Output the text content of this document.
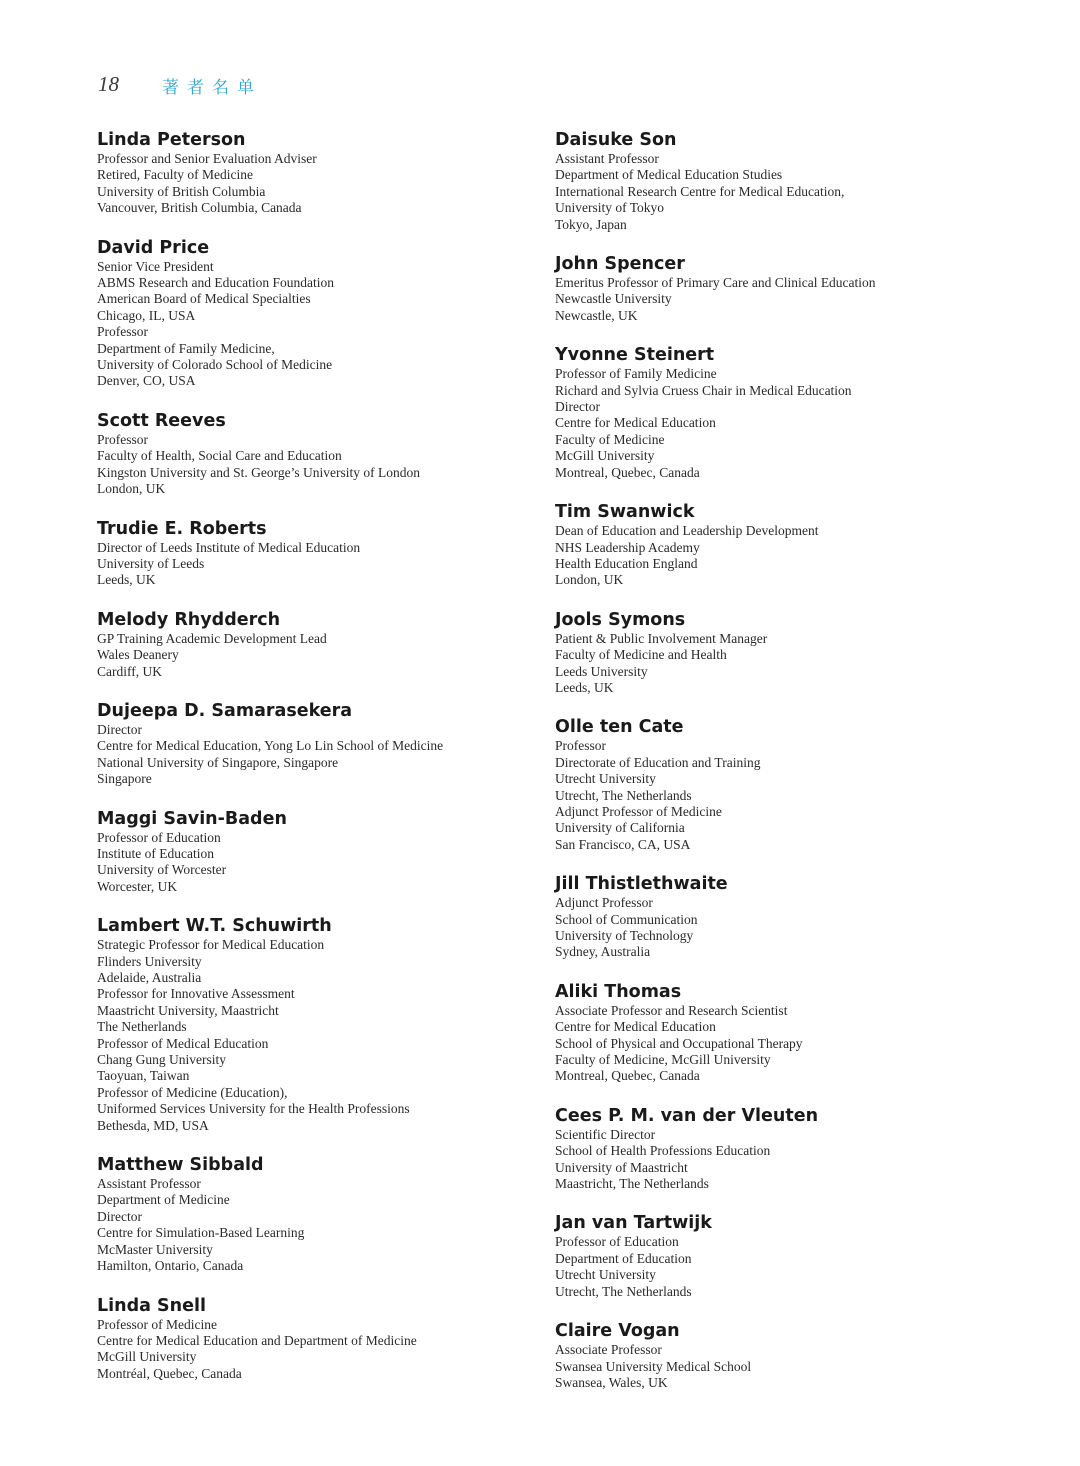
18	著者名单
Linda Peterson
Professor and Senior Evaluation Adviser
Retired, Faculty of Medicine
University of British Columbia
Vancouver, British Columbia, Canada
David Price
Senior Vice President
ABMS Research and Education Foundation
American Board of Medical Specialties
Chicago, IL, USA
Professor
Department of Family Medicine,
University of Colorado School of Medicine
Denver, CO, USA
Scott Reeves
Professor
Faculty of Health, Social Care and Education
Kingston University and St. George’s University of London
London, UK
Trudie E. Roberts
Director of Leeds Institute of Medical Education
University of Leeds
Leeds, UK
Melody Rhydderch
GP Training Academic Development Lead
Wales Deanery
Cardiff, UK
Dujeepa D. Samarasekera
Director
Centre for Medical Education, Yong Lo Lin School of Medicine
National University of Singapore, Singapore
Singapore
Maggi Savin-Baden
Professor of Education
Institute of Education
University of Worcester
Worcester, UK
Lambert W.T. Schuwirth
Strategic Professor for Medical Education
Flinders University
Adelaide, Australia
Professor for Innovative Assessment
Maastricht University, Maastricht
The Netherlands
Professor of Medical Education
Chang Gung University
Taoyuan, Taiwan
Professor of Medicine (Education),
Uniformed Services University for the Health Professions
Bethesda, MD, USA
Matthew Sibbald
Assistant Professor
Department of Medicine
Director
Centre for Simulation-Based Learning
McMaster University
Hamilton, Ontario, Canada
Linda Snell
Professor of Medicine
Centre for Medical Education and Department of Medicine
McGill University
Montréal, Quebec, Canada
Daisuke Son
Assistant Professor
Department of Medical Education Studies
International Research Centre for Medical Education,
University of Tokyo
Tokyo, Japan
John Spencer
Emeritus Professor of Primary Care and Clinical Education
Newcastle University
Newcastle, UK
Yvonne Steinert
Professor of Family Medicine
Richard and Sylvia Cruess Chair in Medical Education
Director
Centre for Medical Education
Faculty of Medicine
McGill University
Montreal, Quebec, Canada
Tim Swanwick
Dean of Education and Leadership Development
NHS Leadership Academy
Health Education England
London, UK
Jools Symons
Patient & Public Involvement Manager
Faculty of Medicine and Health
Leeds University
Leeds, UK
Olle ten Cate
Professor
Directorate of Education and Training
Utrecht University
Utrecht, The Netherlands
Adjunct Professor of Medicine
University of California
San Francisco, CA, USA
Jill Thistlethwaite
Adjunct Professor
School of Communication
University of Technology
Sydney, Australia
Aliki Thomas
Associate Professor and Research Scientist
Centre for Medical Education
School of Physical and Occupational Therapy
Faculty of Medicine, McGill University
Montreal, Quebec, Canada
Cees P. M. van der Vleuten
Scientific Director
School of Health Professions Education
University of Maastricht
Maastricht, The Netherlands
Jan van Tartwijk
Professor of Education
Department of Education
Utrecht University
Utrecht, The Netherlands
Claire Vogan
Associate Professor
Swansea University Medical School
Swansea, Wales, UK
